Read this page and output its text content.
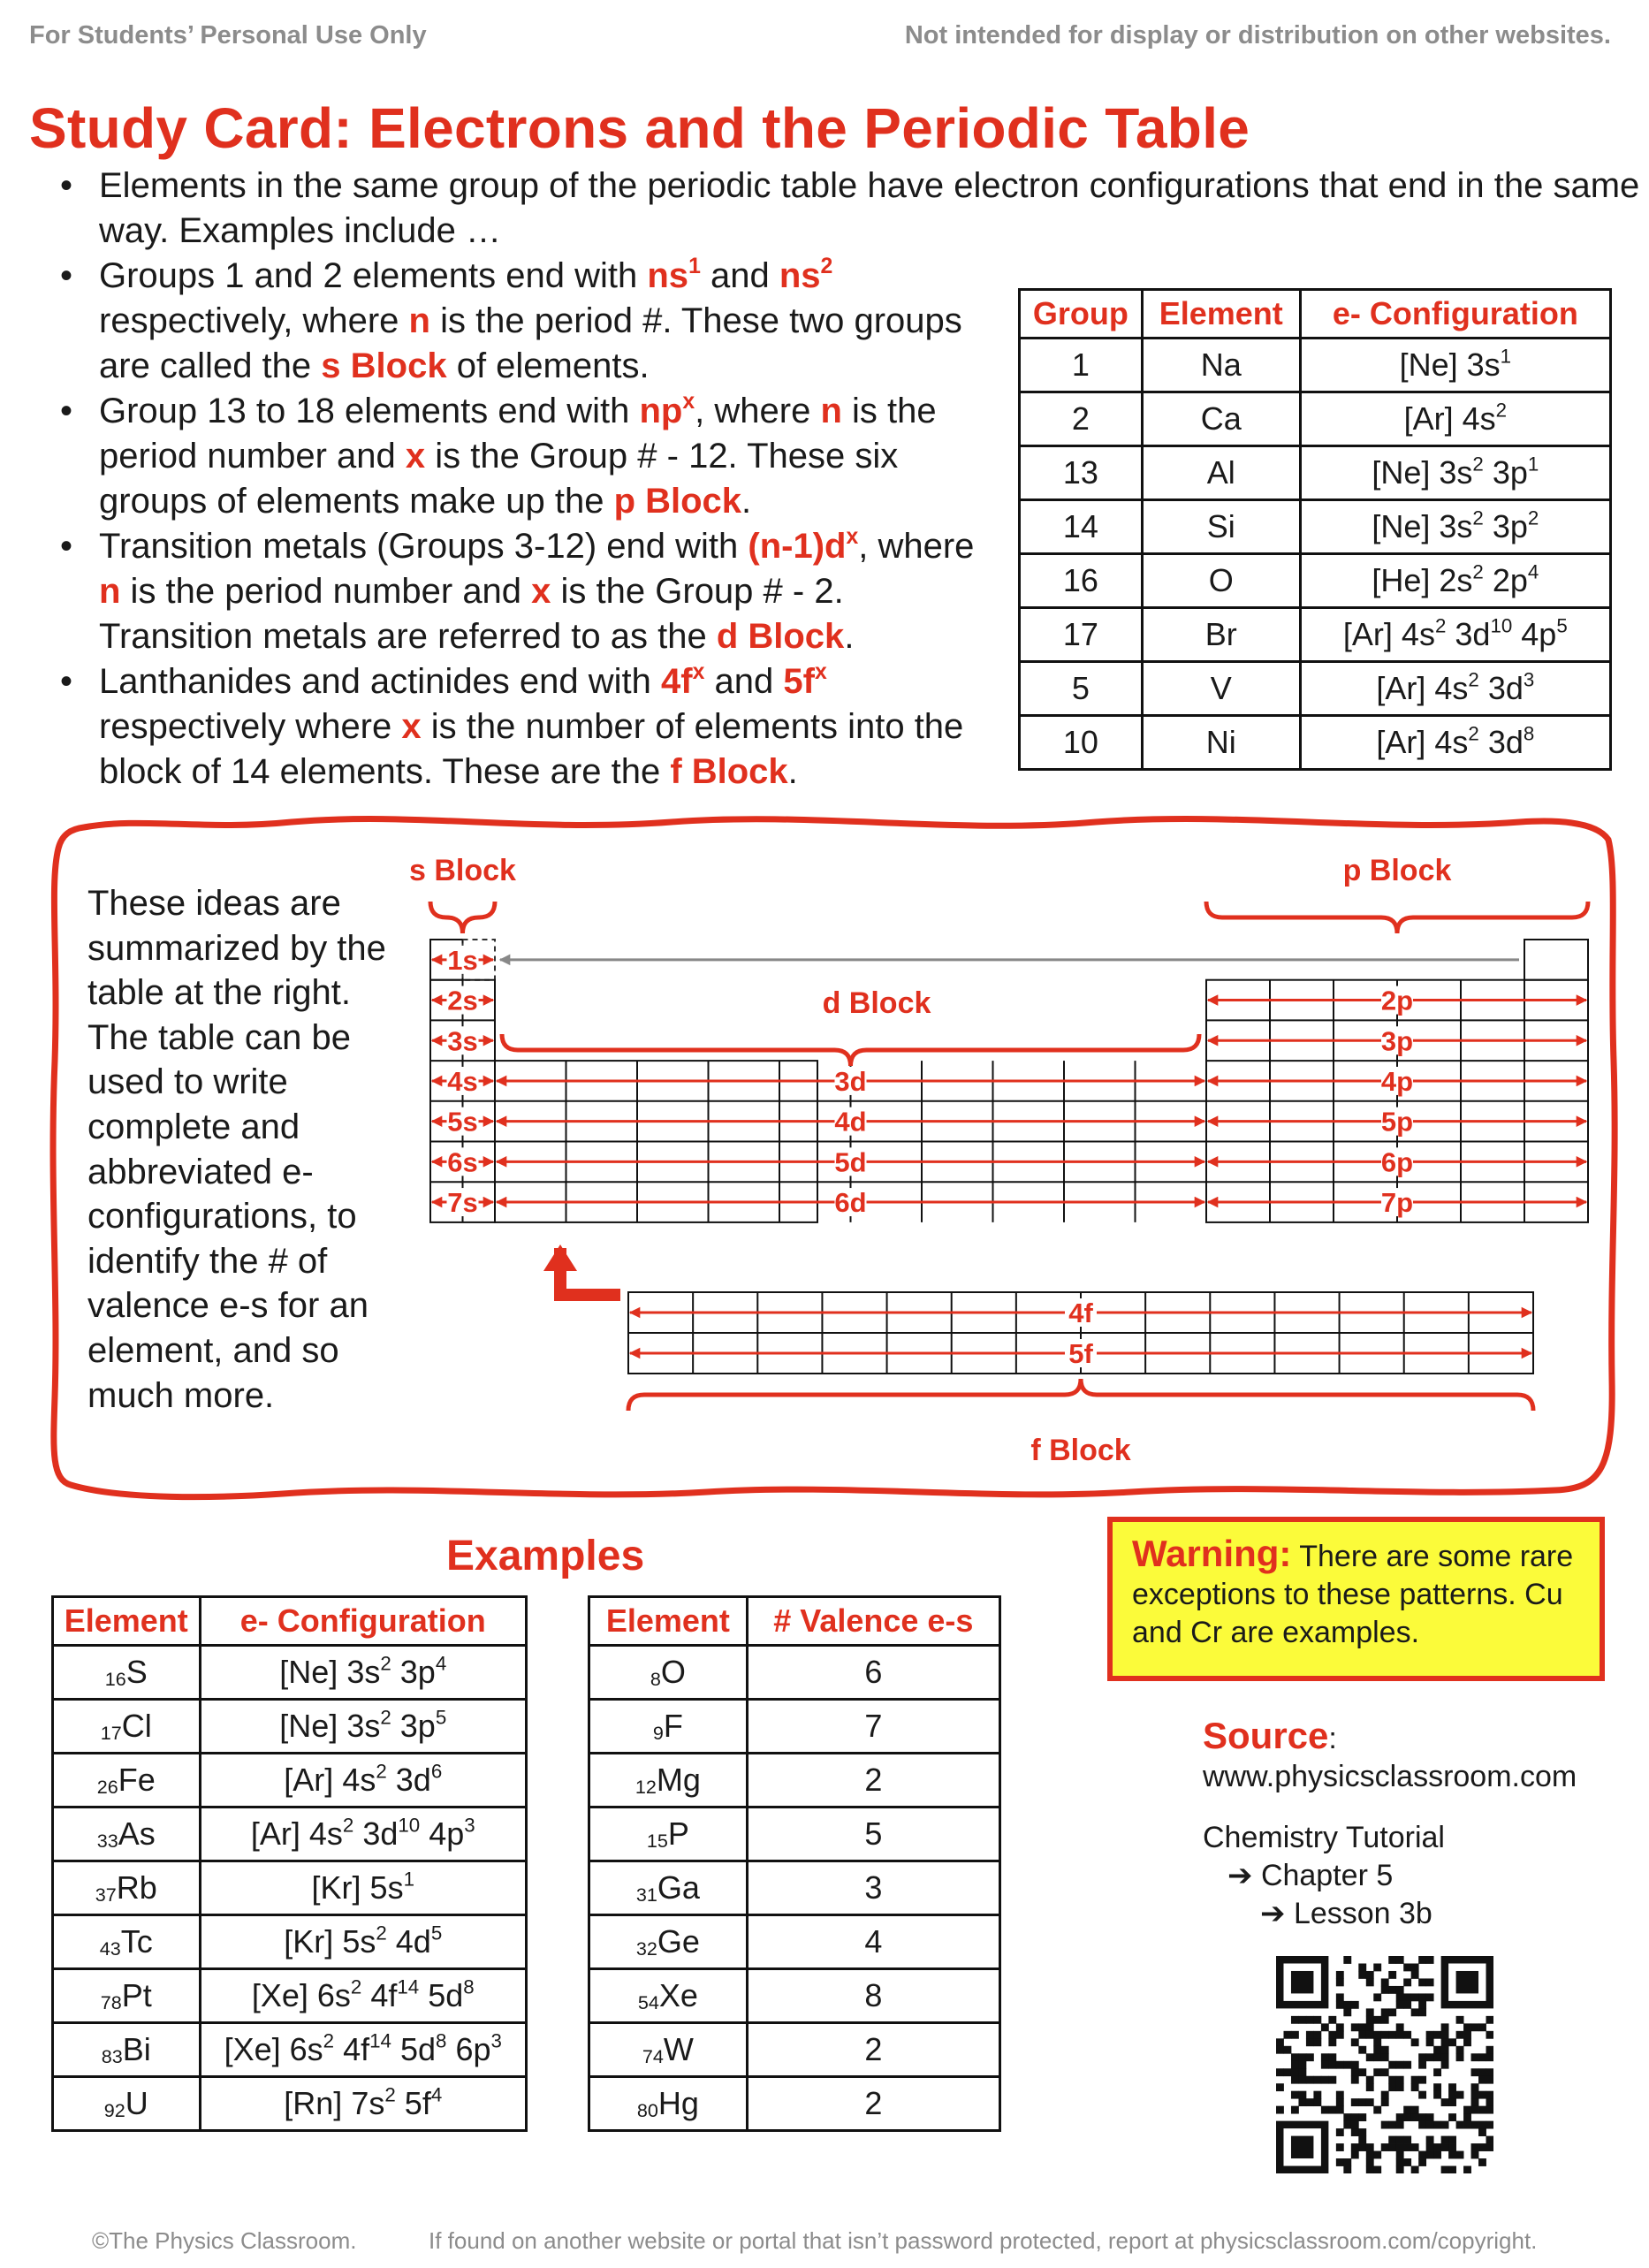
For Students’ Personal Use Only	Not intended for display or distribution on other websites.
Study Card: Electrons and the Periodic Table
• Elements in the same group of the periodic table have electron configurations that end in the same way. Examples include …
• Groups 1 and 2 elements end with $ns^1$ and $ns^2$
respectively, where n is the period #. These two groups are called the s Block of elements.
• Group 13 to 18 elements end with $np^x$, where n is the period number and x is the Group # - 12. These six groups of elements make up the p Block.
• Transition metals (Groups 3-12) end with $(n-1)d^x$, where n is the period number and x is the Group # - 2. Transition metals are referred to as the d Block.
• Lanthanides and actinides end with $4f^x$ and $5f^x$
respectively where x is the number of elements into the block of 14 elements. These are the f Block.
Group	Element	e- Configuration
1	Na	[Ne] $3s^1$
2	Ca	[Ar] $4s^2$
13	Al	[Ne] $3s^2$ $3p^1$
14	Si	[Ne] $3s^2$ $3p^2$
16	O	[He] $2s^2$ $2p^4$
17	Br	[Ar] $4s^2$ $3d^{10}$ $4p^5$
5	V	[Ar] $4s^2$ $3d^3$
10	Ni	[Ar] $4s^2$ $3d^8$
1s
2s
3s
4s
5s
6s
7s
2p
3p
4p
5p
6p
7p
3d
4d
5d
6d
4f
5f
s Block	p Block
d Block
f Block
These ideas are summarized by the table at the right. The table can be used to write complete and abbreviated e- configurations, to identify the # of valence e-s for an element, and so much more.
Examples
Element	e- Configuration
$_{16}$S	[Ne] $3s^2$ $3p^4$
$_{17}$Cl	[Ne] $3s^2$ $3p^5$
$_{26}$Fe	[Ar] $4s^2$ $3d^6$
$_{33}$As	[Ar] $4s^2$ $3d^{10}$ $4p^3$
$_{37}$Rb	[Kr] $5s^1$
$_{43}$Tc	[Kr] $5s^2$ $4d^5$
$_{78}$Pt	[Xe] $6s^2$ $4f^{14}$ $5d^8$
$_{83}$Bi	[Xe] $6s^2$ $4f^{14}$ $5d^8$ $6p^3$
$_{92}$U	[Rn] $7s^2$ $5f^4$
Element	# Valence e-s
$_8$O	6
$_9$F	7
$_{12}$Mg	2
$_{15}$P	5
$_{31}$Ga	3
$_{32}$Ge	4
$_{54}$Xe	8
$_{74}$W	2
$_{80}$Hg	2
Warning: There are some rare exceptions to these patterns. Cu and Cr are examples.
Source:
www.physicsclassroom.com
Chemistry Tutorial
➔ Chapter 5
➔ Lesson 3b
©The Physics Classroom.	If found on another website or portal that isn’t password protected, report at physicsclassroom.com/copyright.
